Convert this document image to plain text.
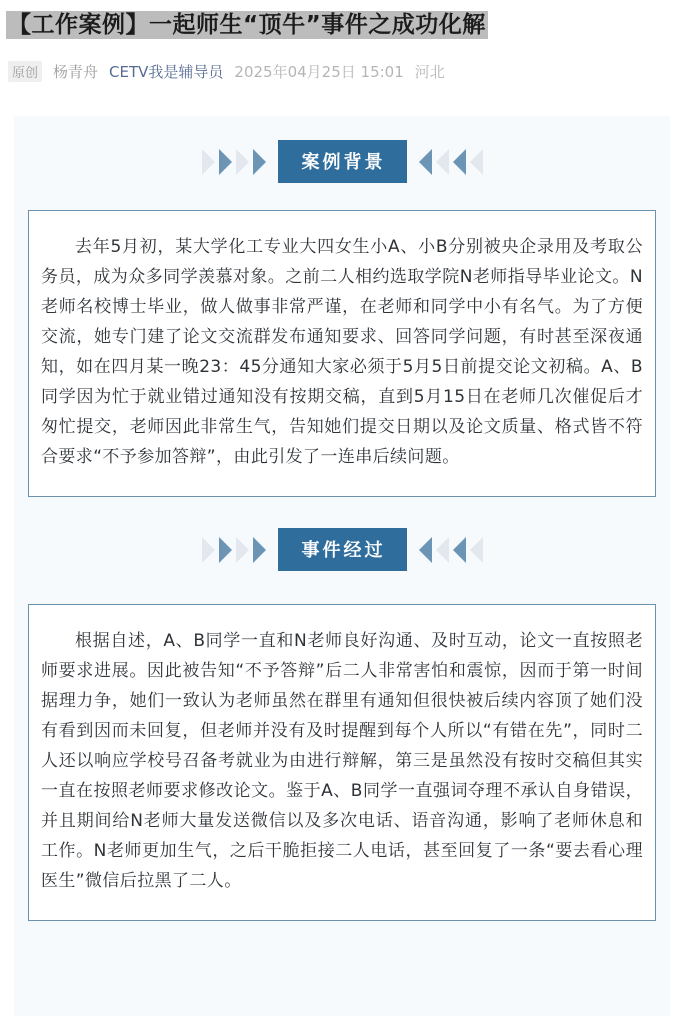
【工作案例】一起师生“顶牛”事件之成功化解
原创 杨青舟 CETV我是辅导员 2025年04月25日 15:01 河北
案例背景

去年5月初，某大学化工专业大四女生小A、小B分别被央企录用及考取公务员，成为众多同学羡慕对象。之前二人相约选取学院N老师指导毕业论文。N老师名校博士毕业，做人做事非常严谨，在老师和同学中小有名气。为了方便交流，她专门建了论文交流群发布通知要求、回答同学问题，有时甚至深夜通知，如在四月某一晚23：45分通知大家必须于5月5日前提交论文初稿。A、B同学因为忙于就业错过通知没有按期交稿，直到5月15日在老师几次催促后才匆忙提交，老师因此非常生气，告知她们提交日期以及论文质量、格式皆不符合要求“不予参加答辩”，由此引发了一连串后续问题。

事件经过

根据自述，A、B同学一直和N老师良好沟通、及时互动，论文一直按照老师要求进展。因此被告知“不予答辩”后二人非常害怕和震惊，因而于第一时间据理力争，她们一致认为老师虽然在群里有通知但很快被后续内容顶了她们没有看到因而未回复，但老师并没有及时提醒到每个人所以“有错在先”，同时二人还以响应学校号召备考就业为由进行辩解，第三是虽然没有按时交稿但其实一直在按照老师要求修改论文。鉴于A、B同学一直强词夺理不承认自身错误，并且期间给N老师大量发送微信以及多次电话、语音沟通，影响了老师休息和工作。N老师更加生气，之后干脆拒接二人电话，甚至回复了一条“要去看心理医生”微信后拉黑了二人。
